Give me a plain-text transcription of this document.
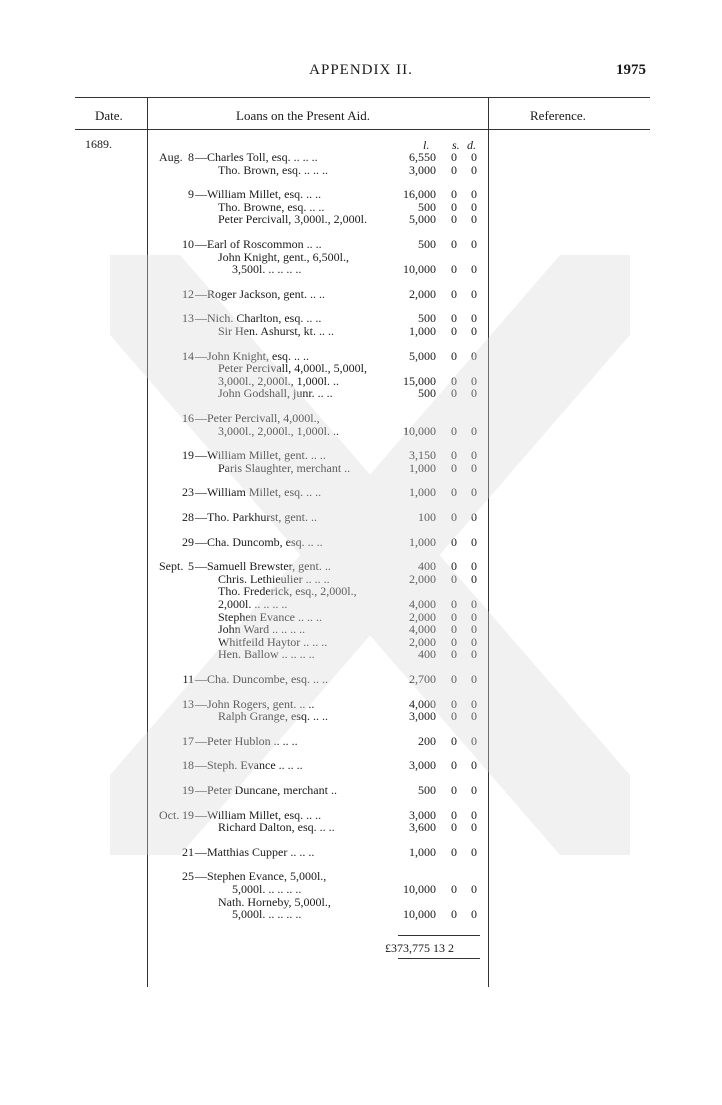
APPENDIX II.	1975
Date.	Loans on the Present Aid.	Reference.
1689.	l. s. d.
Aug. 8 —Charles Toll, esq. .. .. ..	6,550	0	0
Tho. Brown, esq. .. .. ..	3,000	0	0
9 —William Millet, esq. .. ..	16,000	0	0
Tho. Browne, esq. .. ..	500	0	0
Peter Percivall, 3,000l., 2,000l.	5,000	0	0
10 —Earl of Roscommon .. ..	500	0	0
John Knight, gent., 6,500l.,
3,500l. .. .. .. ..	10,000	0	0
12 —Roger Jackson, gent. .. ..	2,000	0	0
13 —Nich. Charlton, esq. .. ..	500	0	0
Sir Hen. Ashurst, kt. .. ..	1,000	0	0
14 —John Knight, esq. .. ..	5,000	0	0
Peter Percivall, 4,000l., 5,000l,
3,000l., 2,000l., 1,000l. ..	15,000	0	0
John Godshall, junr. .. ..	500	0	0
16 —Peter Percivall, 4,000l.,
3,000l., 2,000l., 1,000l. ..	10,000	0	0
19 —William Millet, gent. .. ..	3,150	0	0
Paris Slaughter, merchant ..	1,000	0	0
23 —William Millet, esq. .. ..	1,000	0	0
28 —Tho. Parkhurst, gent. ..	100	0	0
29 —Cha. Duncomb, esq. .. ..	1,000	0	0
Sept. 5 —Samuell Brewster, gent. ..	400	0	0
Chris. Lethieulier .. .. ..	2,000	0	0
Tho. Frederick, esq., 2,000l.,
2,000l. .. .. .. ..	4,000	0	0
Stephen Evance .. .. ..	2,000	0	0
John Ward .. .. .. ..	4,000	0	0
Whitfeild Haytor .. .. ..	2,000	0	0
Hen. Ballow .. .. .. ..	400	0	0
11 —Cha. Duncombe, esq. .. ..	2,700	0	0
13 —John Rogers, gent. .. ..	4,000	0	0
Ralph Grange, esq. .. ..	3,000	0	0
17 —Peter Hublon .. .. ..	200	0	0
18 —Steph. Evance .. .. ..	3,000	0	0
19 —Peter Duncane, merchant ..	500	0	0
Oct. 19 —William Millet, esq. .. ..	3,000	0	0
Richard Dalton, esq. .. ..	3,600	0	0
21 —Matthias Cupper .. .. ..	1,000	0	0
25 —Stephen Evance, 5,000l.,
5,000l. .. .. .. ..	10,000	0	0
Nath. Horneby, 5,000l.,
5,000l. .. .. .. ..	10,000	0	0
£373,775 13 2
